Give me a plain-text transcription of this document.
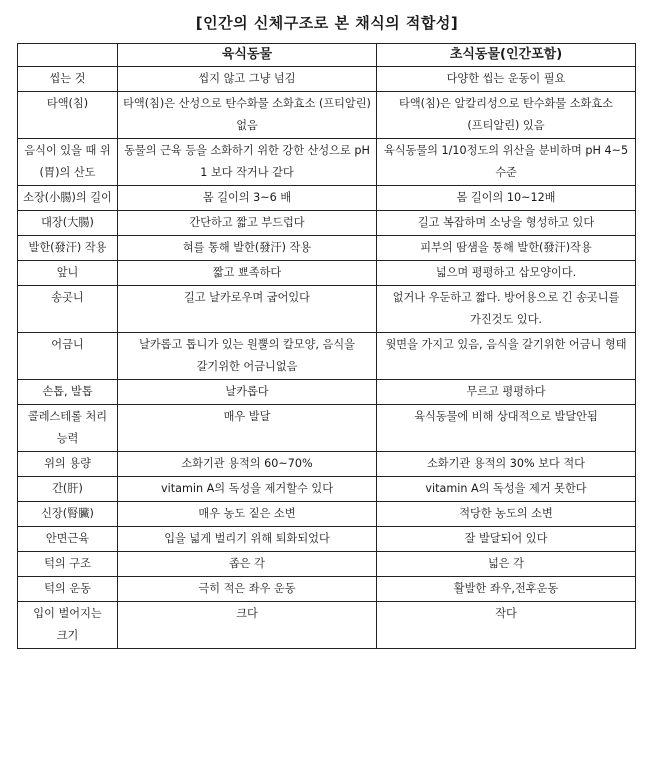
[인간의 신체구조로 본 채식의 적합성]
	육식동물	초식동물(인간포함)
씹는 것	씹지 않고 그냥 넘김	다양한 씹는 운동이 필요
타액(침)	타액(침)은 산성으로 탄수화물 소화효소 (프티알린) 없음	타액(침)은 알칼리성으로 탄수화물 소화효소(프티알린) 있음
음식이 있을 때 위(胃)의 산도	동물의 근육 등을 소화하기 위한 강한 산성으로 pH 1 보다 작거나 같다	육식동물의 1/10정도의 위산을 분비하며 pH 4~5 수준
소장(小腸)의 길이	몸 길이의 3~6 배	몸 길이의 10~12배
대장(大腸)	간단하고 짧고 부드럽다	길고 복잡하며 소낭을 형성하고 있다
발한(發汗) 작용	혀를 통해 발한(發汗) 작용	피부의 땀샘을 통해 발한(發汗)작용
앞니	짧고 뾰족하다	넓으며 평평하고 삽모양이다.
송곳니	길고 날카로우며 굽어있다	없거나 우둔하고 짧다. 방어용으로 긴 송곳니를 가진것도 있다.
어금니	날카롭고 톱니가 있는 원뿔의 칼모양, 음식을 갈기위한 어금니없음	윗면을 가지고 있음, 음식을 갈기위한 어금니 형태
손톱, 발톱	날카롭다	무르고 평평하다
콜레스테롤 처리 능력	매우 발달	육식동물에 비해 상대적으로 발달안됨
위의 용량	소화기관 용적의 60~70%	소화기관 용적의 30% 보다 적다
간(肝)	vitamin A의 독성을 제거할수 있다	vitamin A의 독성을 제거 못한다
신장(腎臟)	매우 농도 짙은 소변	적당한 농도의 소변
안면근육	입을 넓게 벌리기 위해 퇴화되었다	잘 발달되어 있다
턱의 구조	좁은 각	넓은 각
턱의 운동	극히 적은 좌우 운동	활발한 좌우,전후운동
입이 벌어지는 크기	크다	작다
